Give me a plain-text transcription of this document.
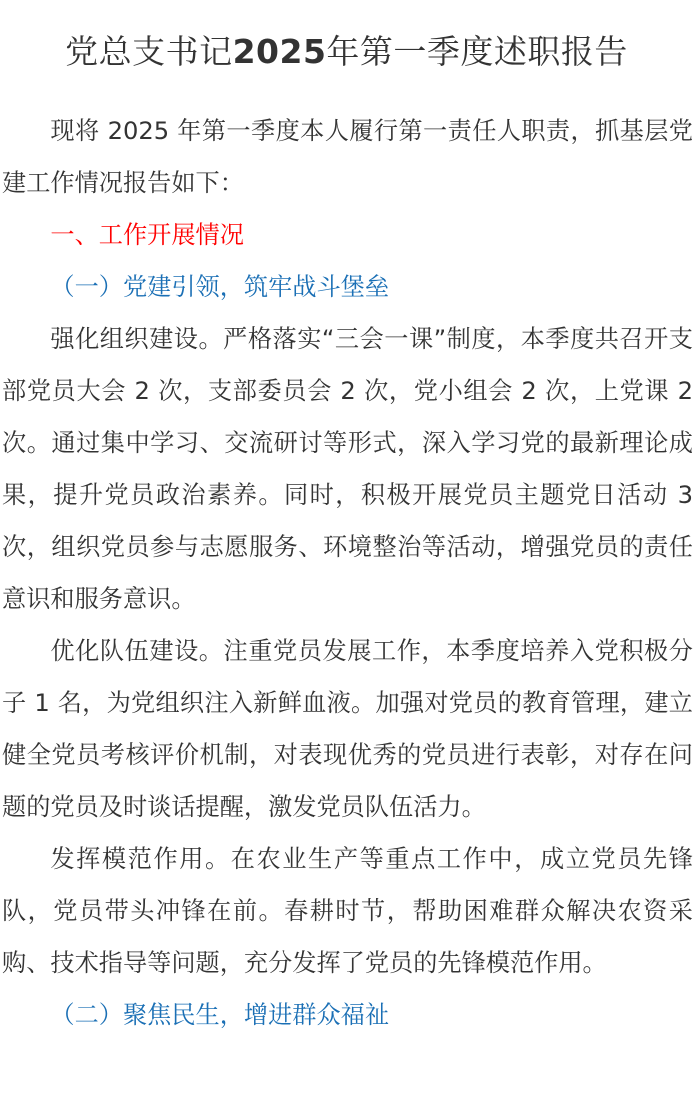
党总支书记2025年第一季度述职报告

现将 2025 年第一季度本人履行第一责任人职责，抓基层党建工作情况报告如下：

一、工作开展情况

（一）党建引领，筑牢战斗堡垒

强化组织建设。严格落实“三会一课”制度，本季度共召开支部党员大会 2 次，支部委员会 2 次，党小组会 2 次，上党课 2 次。通过集中学习、交流研讨等形式，深入学习党的最新理论成果，提升党员政治素养。同时，积极开展党员主题党日活动 3 次，组织党员参与志愿服务、环境整治等活动，增强党员的责任意识和服务意识。

优化队伍建设。注重党员发展工作，本季度培养入党积极分子 1 名，为党组织注入新鲜血液。加强对党员的教育管理，建立健全党员考核评价机制，对表现优秀的党员进行表彰，对存在问题的党员及时谈话提醒，激发党员队伍活力。

发挥模范作用。在农业生产等重点工作中，成立党员先锋队，党员带头冲锋在前。春耕时节，帮助困难群众解决农资采购、技术指导等问题，充分发挥了党员的先锋模范作用。

（二）聚焦民生，增进群众福祉
